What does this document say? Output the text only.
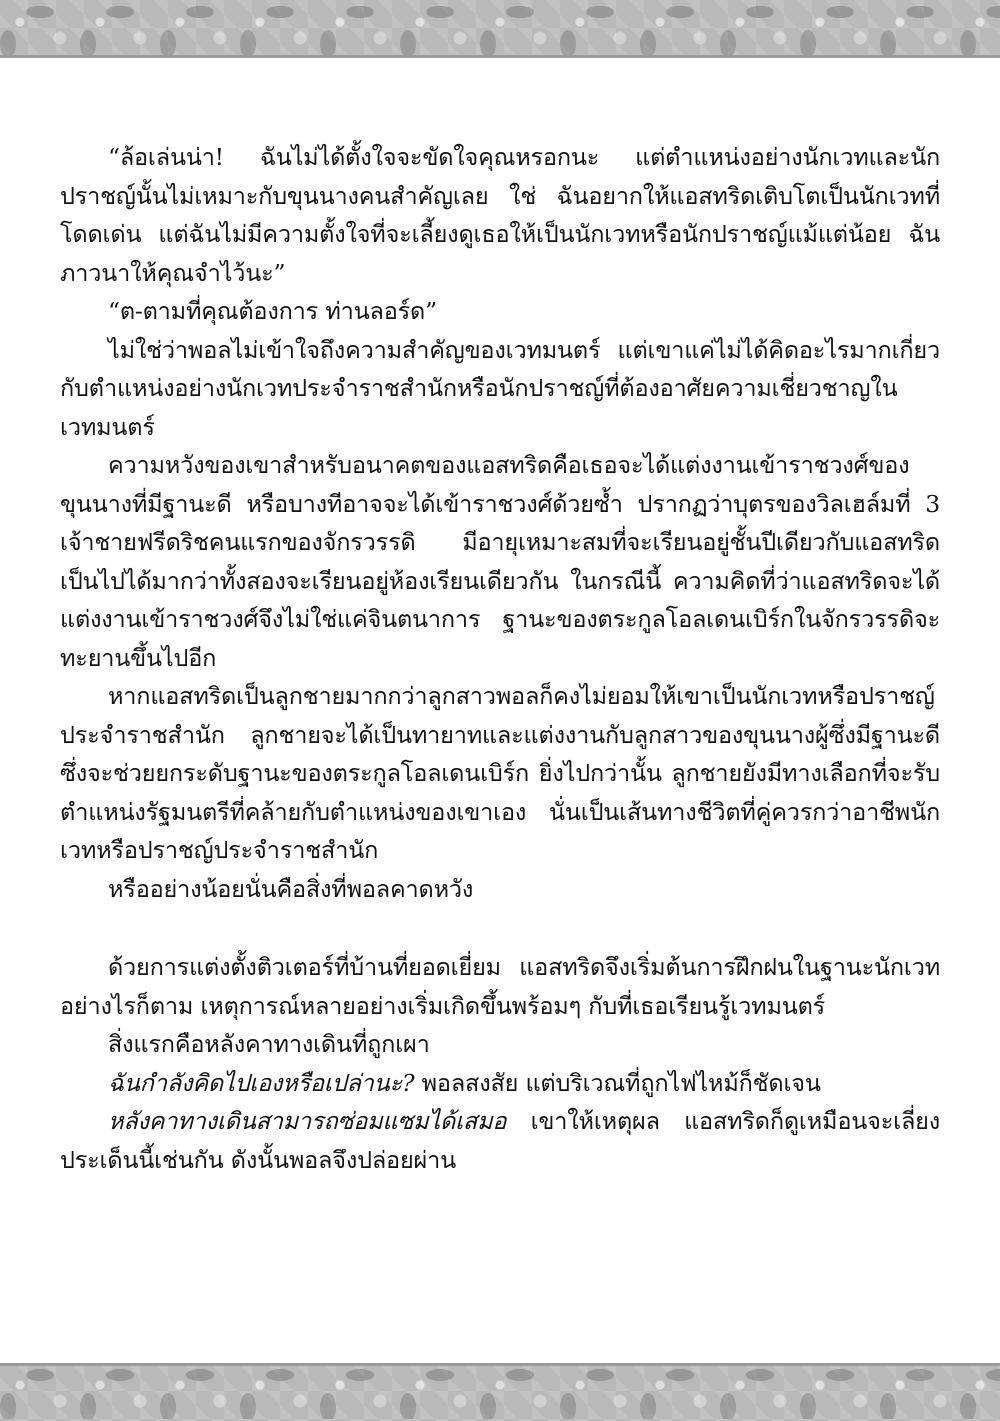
“ล้อเล่นน่า! ฉันไม่ได้ตั้งใจจะขัดใจคุณหรอกนะ แต่ตำแหน่งอย่างนักเวทและนักปราชญ์นั้นไม่เหมาะกับขุนนางคนสำคัญเลย ใช่ ฉันอยากให้แอสทริดเติบโตเป็นนักเวทที่โดดเด่น แต่ฉันไม่มีความตั้งใจที่จะเลี้ยงดูเธอให้เป็นนักเวทหรือนักปราชญ์แม้แต่น้อย ฉันภาวนาให้คุณจำไว้นะ”

“ต-ตามที่คุณต้องการ ท่านลอร์ด”

ไม่ใช่ว่าพอลไม่เข้าใจถึงความสำคัญของเวทมนตร์ แต่เขาแค่ไม่ได้คิดอะไรมากเกี่ยวกับตำแหน่งอย่างนักเวทประจำราชสำนักหรือนักปราชญ์ที่ต้องอาศัยความเชี่ยวชาญในเวทมนตร์

ความหวังของเขาสำหรับอนาคตของแอสทริดคือเธอจะได้แต่งงานเข้าราชวงศ์ของขุนนางที่มีฐานะดี หรือบางทีอาจจะได้เข้าราชวงศ์ด้วยซ้ำ ปรากฏว่าบุตรของวิลเฮล์มที่ 3 เจ้าชายฟรีดริชคนแรกของจักรวรรดิ มีอายุเหมาะสมที่จะเรียนอยู่ชั้นปีเดียวกับแอสทริด เป็นไปได้มากว่าทั้งสองจะเรียนอยู่ห้องเรียนเดียวกัน ในกรณีนี้ ความคิดที่ว่าแอสทริดจะได้แต่งงานเข้าราชวงศ์จึงไม่ใช่แค่จินตนาการ ฐานะของตระกูลโอลเดนเบิร์กในจักรวรรดิจะทะยานขึ้นไปอีก

หากแอสทริดเป็นลูกชายมากกว่าลูกสาวพอลก็คงไม่ยอมให้เขาเป็นนักเวทหรือปราชญ์ประจำราชสำนัก ลูกชายจะได้เป็นทายาทและแต่งงานกับลูกสาวของขุนนางผู้ซึ่งมีฐานะดี ซึ่งจะช่วยยกระดับฐานะของตระกูลโอลเดนเบิร์ก ยิ่งไปกว่านั้น ลูกชายยังมีทางเลือกที่จะรับตำแหน่งรัฐมนตรีที่คล้ายกับตำแหน่งของเขาเอง นั่นเป็นเส้นทางชีวิตที่คู่ควรกว่าอาชีพนักเวทหรือปราชญ์ประจำราชสำนัก

หรืออย่างน้อยนั่นคือสิ่งที่พอลคาดหวัง

ด้วยการแต่งตั้งติวเตอร์ที่บ้านที่ยอดเยี่ยม แอสทริดจึงเริ่มต้นการฝึกฝนในฐานะนักเวท อย่างไรก็ตาม เหตุการณ์หลายอย่างเริ่มเกิดขึ้นพร้อมๆ กับที่เธอเรียนรู้เวทมนตร์

สิ่งแรกคือหลังคาทางเดินที่ถูกเผา

ฉันกำลังคิดไปเองหรือเปล่านะ? พอลสงสัย แต่บริเวณที่ถูกไฟไหม้ก็ชัดเจน

หลังคาทางเดินสามารถซ่อมแซมได้เสมอ เขาให้เหตุผล แอสทริดก็ดูเหมือนจะเลี่ยงประเด็นนี้เช่นกัน ดังนั้นพอลจึงปล่อยผ่าน
